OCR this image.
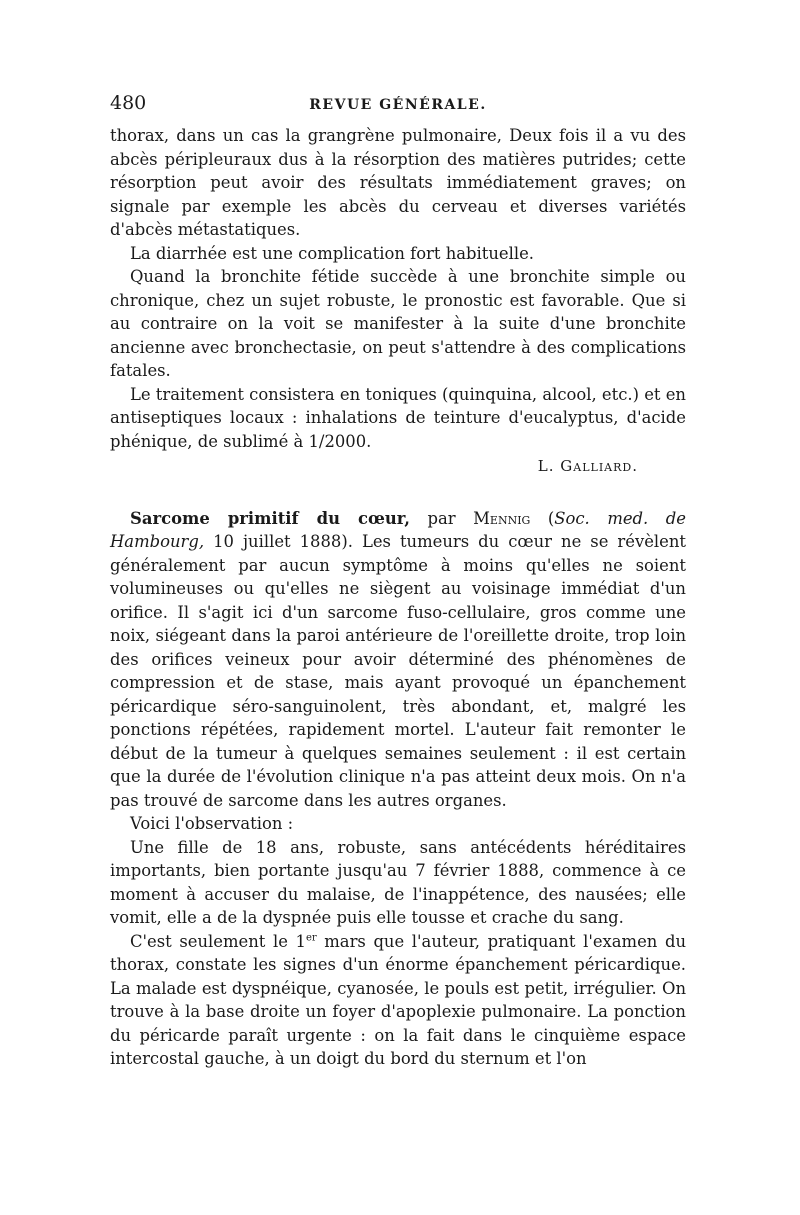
480	REVUE GÉNÉRALE.

thorax, dans un cas la grangrène pulmonaire, Deux fois il a vu des abcès péripleuraux dus à la résorption des matières putrides; cette résorption peut avoir des résultats immédiatement graves; on signale par exemple les abcès du cerveau et diverses variétés d'abcès métastatiques.

La diarrhée est une complication fort habituelle.

Quand la bronchite fétide succède à une bronchite simple ou chronique, chez un sujet robuste, le pronostic est favorable. Que si au contraire on la voit se manifester à la suite d'une bronchite ancienne avec bronchectasie, on peut s'attendre à des complications fatales.

Le traitement consistera en toniques (quinquina, alcool, etc.) et en antiseptiques locaux : inhalations de teinture d'eucalyptus, d'acide phénique, de sublimé à 1/2000.

L. Galliard.

Sarcome primitif du cœur, par Mennig (Soc. med. de Hambourg, 10 juillet 1888). Les tumeurs du cœur ne se révèlent généralement par aucun symptôme à moins qu'elles ne soient volumineuses ou qu'elles ne siègent au voisinage immédiat d'un orifice. Il s'agit ici d'un sarcome fuso-cellulaire, gros comme une noix, siégeant dans la paroi antérieure de l'oreillette droite, trop loin des orifices veineux pour avoir déterminé des phénomènes de compression et de stase, mais ayant provoqué un épanchement péricardique séro-sanguinolent, très abondant, et, malgré les ponctions répétées, rapidement mortel. L'auteur fait remonter le début de la tumeur à quelques semaines seulement : il est certain que la durée de l'évolution clinique n'a pas atteint deux mois. On n'a pas trouvé de sarcome dans les autres organes.

Voici l'observation :

Une fille de 18 ans, robuste, sans antécédents héréditaires importants, bien portante jusqu'au 7 février 1888, commence à ce moment à accuser du malaise, de l'inappétence, des nausées; elle vomit, elle a de la dyspnée puis elle tousse et crache du sang.

C'est seulement le 1er mars que l'auteur, pratiquant l'examen du thorax, constate les signes d'un énorme épanchement péricardique. La malade est dyspnéique, cyanosée, le pouls est petit, irrégulier. On trouve à la base droite un foyer d'apoplexie pulmonaire. La ponction du péricarde paraît urgente : on la fait dans le cinquième espace intercostal gauche, à un doigt du bord du sternum et l'on
